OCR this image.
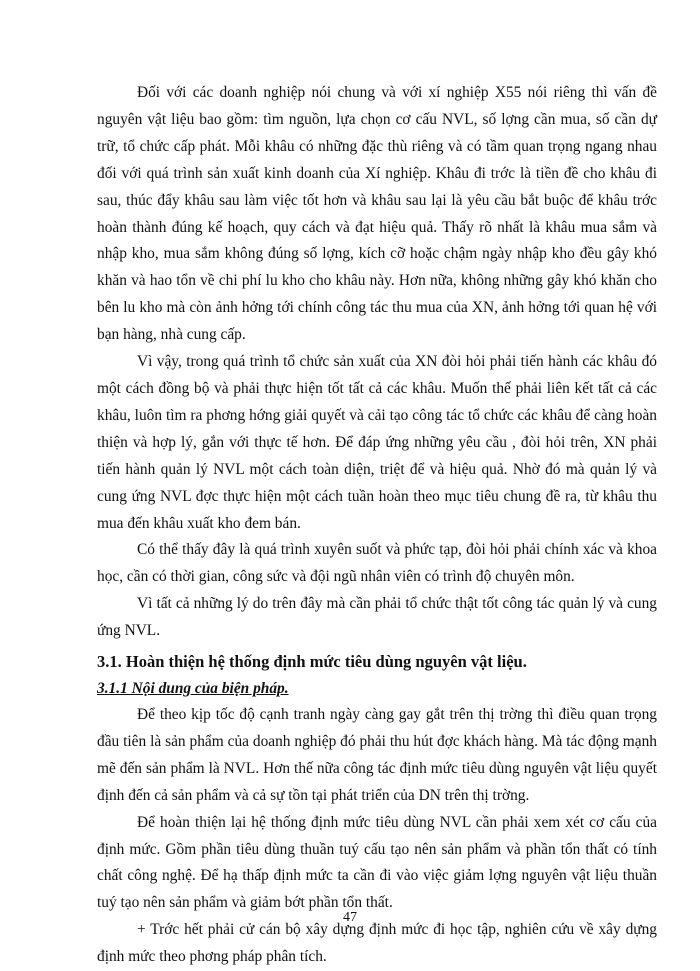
Đối với các doanh nghiệp nói chung và với xí nghiệp X55 nói riêng thì vấn đề nguyên vật liệu bao gồm: tìm nguồn, lựa chọn cơ cấu NVL, số lợng cần mua, số cần dự trữ, tổ chức cấp phát. Mỗi khâu có những đặc thù riêng và có tầm quan trọng ngang nhau đối với quá trình sản xuất kinh doanh của Xí nghiệp. Khâu đi trớc là tiền đề cho khâu đi sau, thúc đẩy khâu sau làm việc tốt hơn và khâu sau lại là yêu cầu bắt buộc để khâu trớc hoàn thành đúng kế hoạch, quy cách và đạt hiệu quả. Thấy rõ nhất là khâu mua sắm và nhập kho, mua sắm không đúng số lợng, kích cỡ hoặc chậm ngày nhập kho đều gây khó khăn và hao tổn về chi phí lu kho cho khâu này. Hơn nữa, không những gây khó khăn cho bên lu kho mà còn ảnh hởng tới chính công tác thu mua của XN, ảnh hởng tới quan hệ với bạn hàng, nhà cung cấp.

Vì vậy, trong quá trình tổ chức sản xuất của XN đòi hỏi phải tiến hành các khâu đó một cách đồng bộ và phải thực hiện tốt tất cả các khâu. Muốn thế phải liên kết tất cả các khâu, luôn tìm ra phơng hớng giải quyết và cải tạo công tác tổ chức các khâu để càng hoàn thiện và hợp lý, gắn với thực tế hơn. Để đáp ứng những yêu cầu , đòi hỏi trên, XN phải tiến hành quản lý NVL một cách toàn diện, triệt để và hiệu quả. Nhờ đó mà quản lý và cung ứng NVL đợc thực hiện một cách tuần hoàn theo mục tiêu chung đề ra, từ khâu thu mua đến khâu xuất kho đem bán.

Có thể thấy đây là quá trình xuyên suốt và phức tạp, đòi hỏi phải chính xác và khoa học, cần có thời gian, công sức và đội ngũ nhân viên có trình độ chuyên môn.

Vì tất cả những lý do trên đây mà cần phải tổ chức thật tốt công tác quản lý và cung ứng NVL.

3.1. Hoàn thiện hệ thống định mức tiêu dùng nguyên vật liệu.
3.1.1 Nội dung của biện pháp.

Để theo kịp tốc độ cạnh tranh ngày càng gay gắt trên thị trờng thì điều quan trọng đầu tiên là sản phẩm của doanh nghiệp đó phải thu hút đợc khách hàng. Mà tác động mạnh mẽ đến sản phẩm là NVL. Hơn thế nữa công tác định mức tiêu dùng nguyên vật liệu quyết định đến cả sản phẩm và cả sự tồn tại phát triển của DN trên thị trờng.

Để hoàn thiện lại hệ thống định mức tiêu dùng NVL cần phải xem xét cơ cấu của định mức. Gồm phần tiêu dùng thuần tuý cấu tạo nên sản phẩm và phần tổn thất có tính chất công nghệ. Để hạ thấp định mức ta cần đi vào việc giảm lợng nguyên vật liệu thuần tuý tạo nên sản phẩm và giảm bớt phần tổn thất.

+ Trớc hết phải cử cán bộ xây dựng định mức đi học tập, nghiên cứu về xây dựng định mức theo phơng pháp phân tích.

47
